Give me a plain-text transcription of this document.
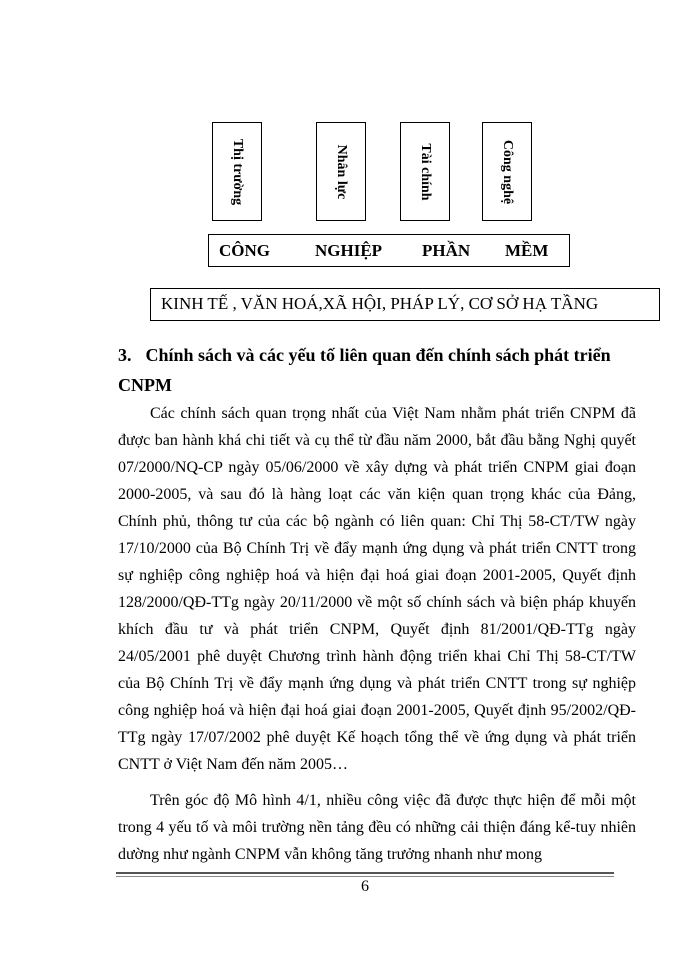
Thị trường	Nhân lực	Tài chính	Công nghệ
CÔNG	NGHIỆP PHẦN MỀM
KINH TẾ , VĂN HOÁ,XÃ HỘI, PHÁP LÝ, CƠ SỞ HẠ TẦNG
3. Chính sách và các yếu tố liên quan đến chính sách phát triển CNPM

Các chính sách quan trọng nhất của Việt Nam nhằm phát triển CNPM đã được ban hành khá chi tiết và cụ thể từ đầu năm 2000, bắt đầu bằng Nghị quyết 07/2000/NQ-CP ngày 05/06/2000 về xây dựng và phát triển CNPM giai đoạn 2000-2005, và sau đó là hàng loạt các văn kiện quan trọng khác của Đảng, Chính phủ, thông tư của các bộ ngành có liên quan: Chỉ Thị 58-CT/TW ngày 17/10/2000 của Bộ Chính Trị về đẩy mạnh ứng dụng và phát triển CNTT trong sự nghiệp công nghiệp hoá và hiện đại hoá giai đoạn 2001-2005, Quyết định 128/2000/QĐ-TTg ngày 20/11/2000 về một số chính sách và biện pháp khuyến khích đầu tư và phát triển CNPM, Quyết định 81/2001/QĐ-TTg ngày 24/05/2001 phê duyệt Chương trình hành động triển khai Chỉ Thị 58-CT/TW của Bộ Chính Trị về đẩy mạnh ứng dụng và phát triển CNTT trong sự nghiệp công nghiệp hoá và hiện đại hoá giai đoạn 2001-2005, Quyết định 95/2002/QĐ-TTg ngày 17/07/2002 phê duyệt Kế hoạch tổng thể về ứng dụng và phát triển CNTT ở Việt Nam đến năm 2005…

Trên góc độ Mô hình 4/1, nhiều công việc đã được thực hiện để mỗi một trong 4 yếu tố và môi trường nền tảng đều có những cải thiện đáng kể-tuy nhiên dường như ngành CNPM vẫn không tăng trưởng nhanh như mong

6
